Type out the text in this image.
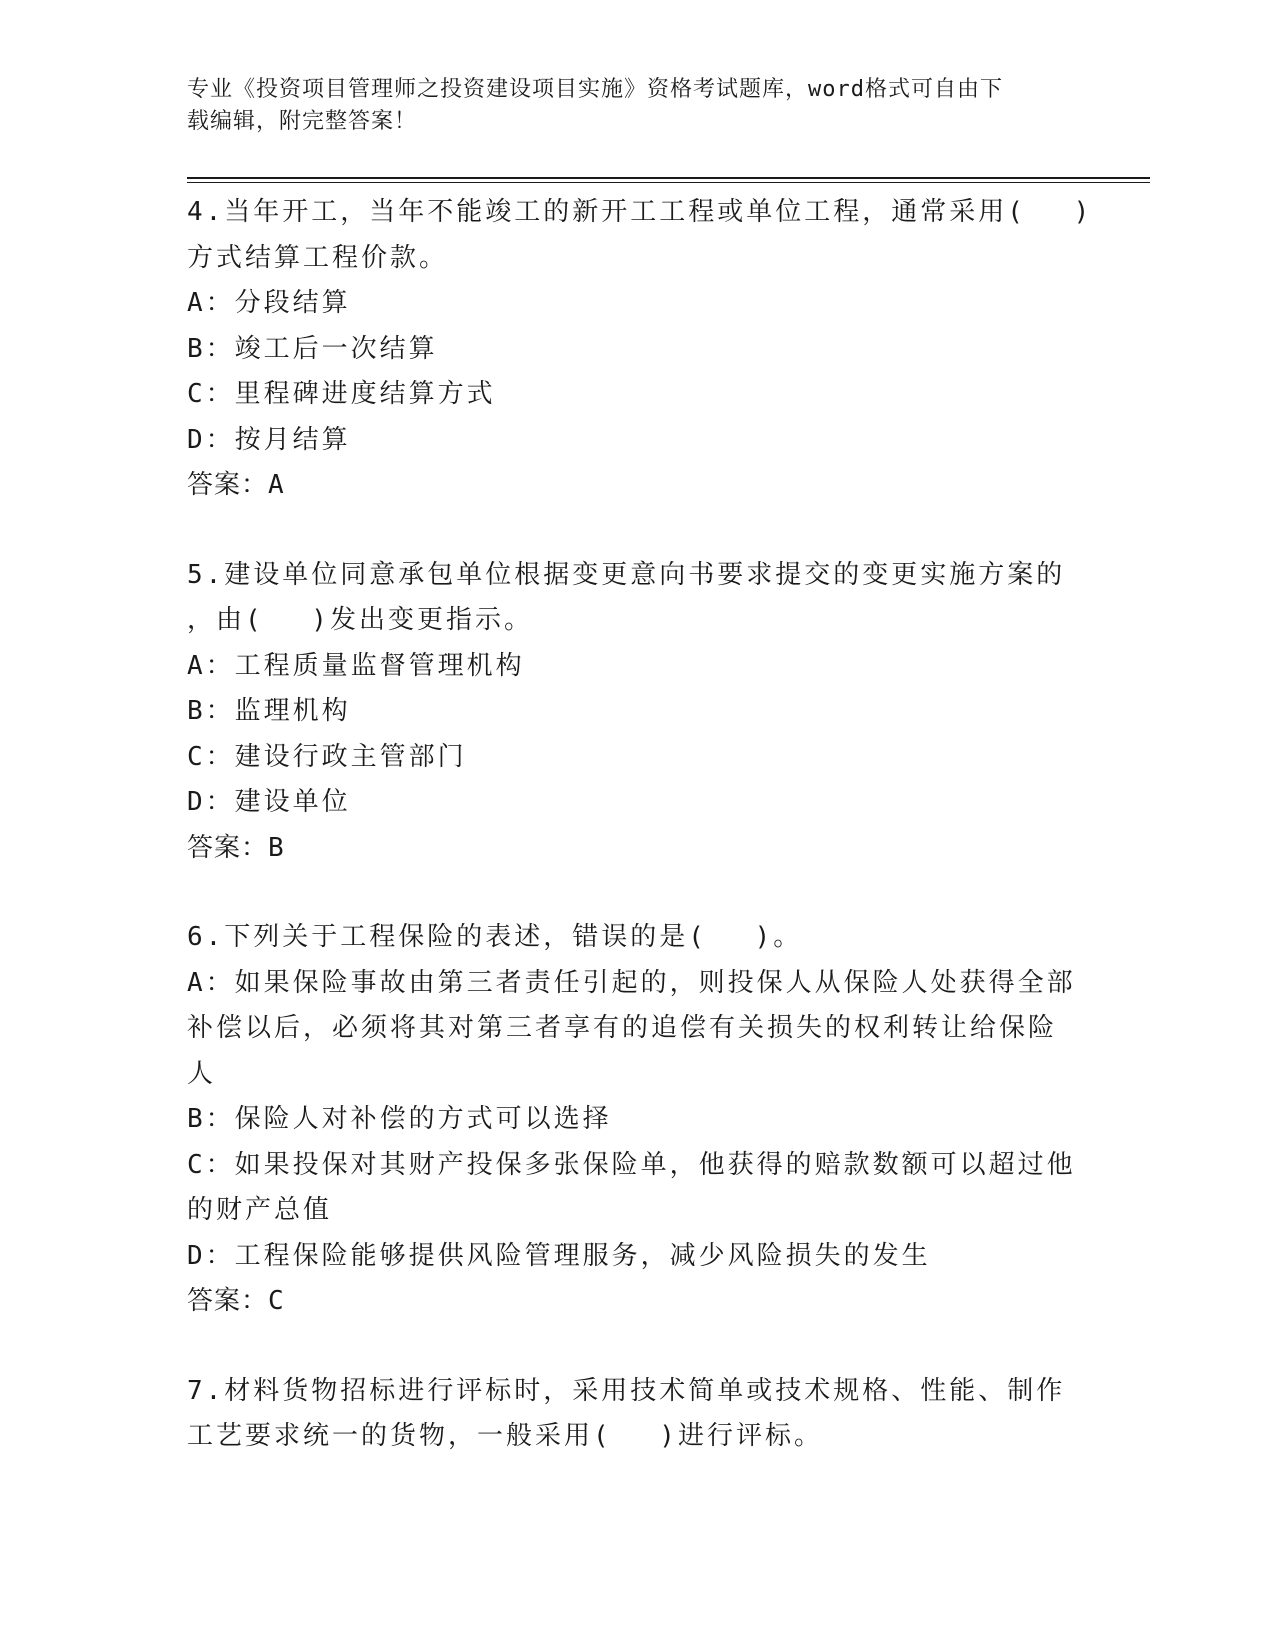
专业《投资项目管理师之投资建设项目实施》资格考试题库，word格式可自由下
载编辑，附完整答案！
4.当年开工，当年不能竣工的新开工工程或单位工程，通常采用(　 )
方式结算工程价款。
A：分段结算
B：竣工后一次结算
C：里程碑进度结算方式
D：按月结算
答案：A
5.建设单位同意承包单位根据变更意向书要求提交的变更实施方案的
，由(　 )发出变更指示。
A：工程质量监督管理机构
B：监理机构
C：建设行政主管部门
D：建设单位
答案：B
6.下列关于工程保险的表述，错误的是(　 )。
A：如果保险事故由第三者责任引起的，则投保人从保险人处获得全部
补偿以后，必须将其对第三者享有的追偿有关损失的权利转让给保险
人
B：保险人对补偿的方式可以选择
C：如果投保对其财产投保多张保险单，他获得的赔款数额可以超过他
的财产总值
D：工程保险能够提供风险管理服务，减少风险损失的发生
答案：C
7.材料货物招标进行评标时，采用技术简单或技术规格、性能、制作
工艺要求统一的货物，一般采用(　 )进行评标。
